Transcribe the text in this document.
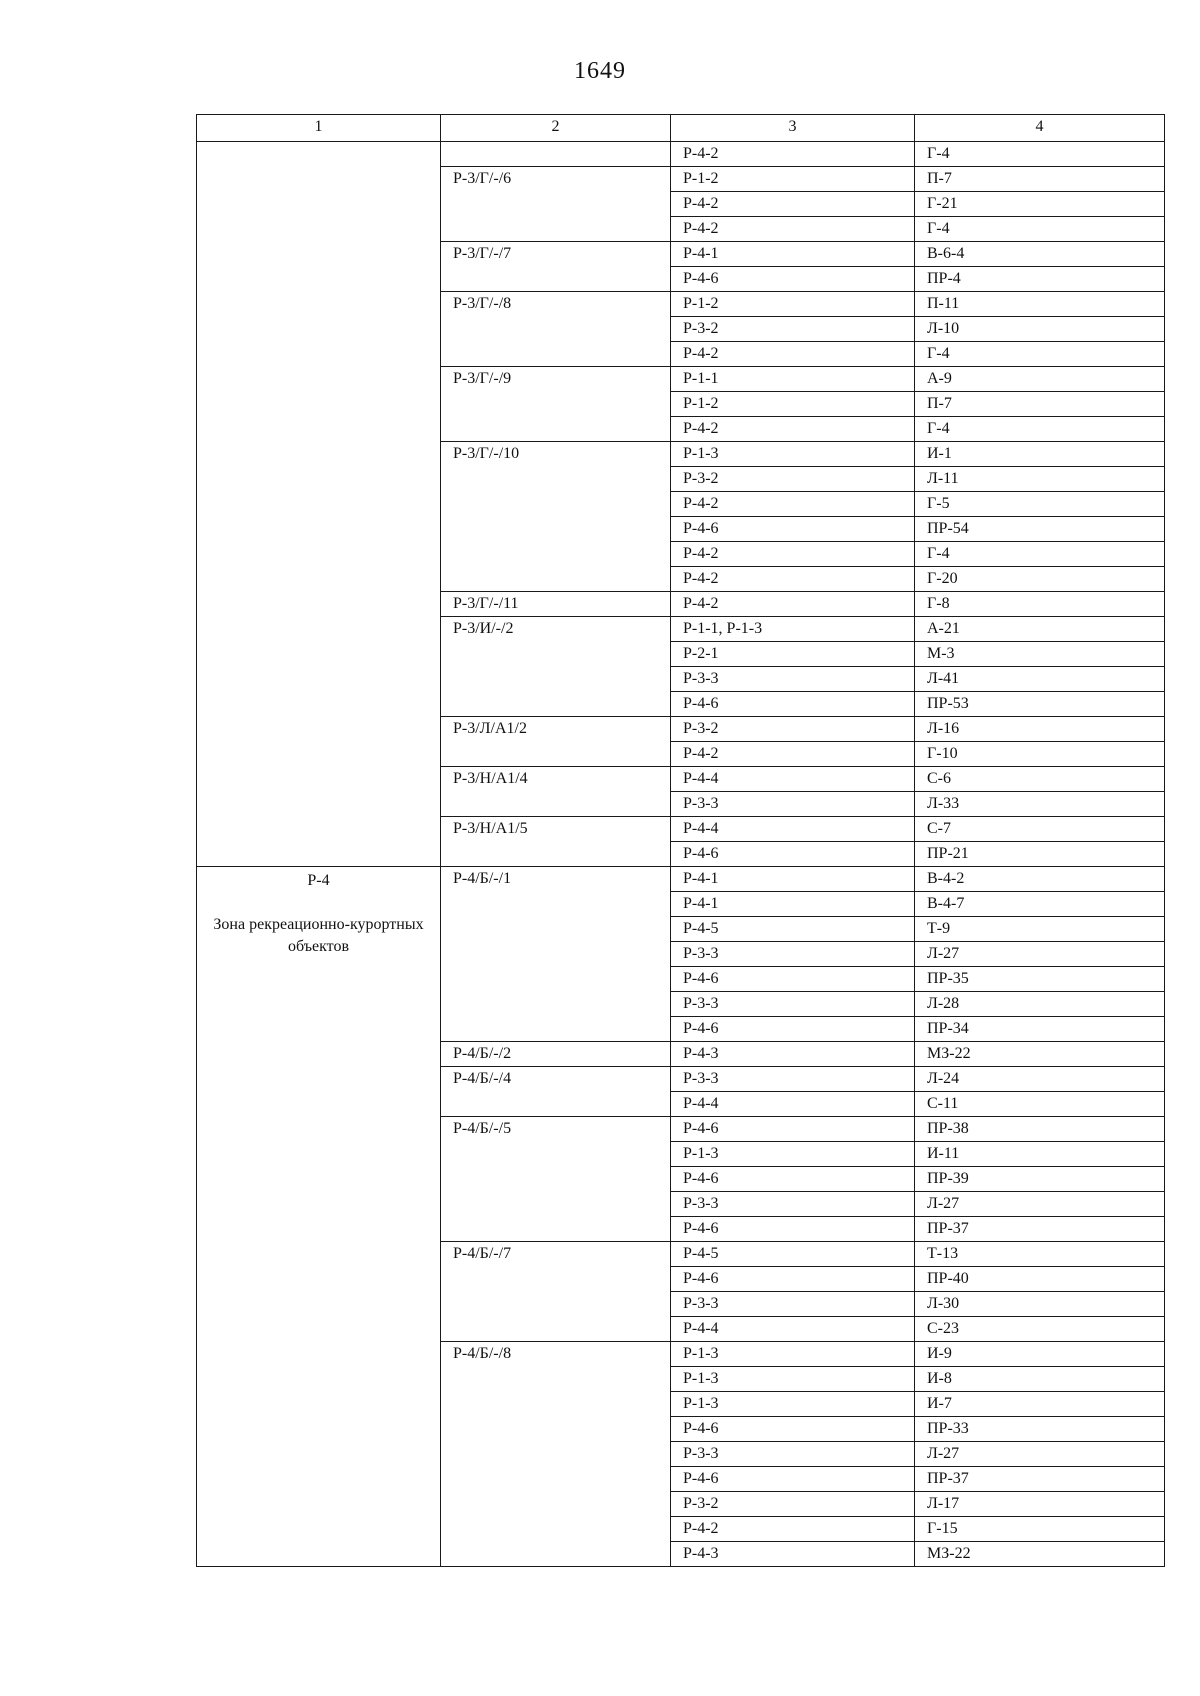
1649
1	2	3	4

		Р-4-2	Г-4
	Р-3/Г/-/6	Р-1-2	П-7
		Р-4-2	Г-21
		Р-4-2	Г-4
	Р-3/Г/-/7	Р-4-1	В-6-4
		Р-4-6	ПР-4
	Р-3/Г/-/8	Р-1-2	П-11
		Р-3-2	Л-10
		Р-4-2	Г-4
	Р-3/Г/-/9	Р-1-1	А-9
		Р-1-2	П-7
		Р-4-2	Г-4
	Р-3/Г/-/10	Р-1-3	И-1
		Р-3-2	Л-11
		Р-4-2	Г-5
		Р-4-6	ПР-54
		Р-4-2	Г-4
		Р-4-2	Г-20
	Р-3/Г/-/11	Р-4-2	Г-8
	Р-3/И/-/2	Р-1-1, Р-1-3	А-21
		Р-2-1	М-3
		Р-3-3	Л-41
		Р-4-6	ПР-53
	Р-3/Л/А1/2	Р-3-2	Л-16
		Р-4-2	Г-10
	Р-3/Н/А1/4	Р-4-4	С-6
		Р-3-3	Л-33
	Р-3/Н/А1/5	Р-4-4	С-7
		Р-4-6	ПР-21

Р-4
Зона рекреационно-курортных объектов	Р-4/Б/-/1	Р-4-1	В-4-2
		Р-4-1	В-4-7
		Р-4-5	Т-9
		Р-3-3	Л-27
		Р-4-6	ПР-35
		Р-3-3	Л-28
		Р-4-6	ПР-34
	Р-4/Б/-/2	Р-4-3	МЗ-22
	Р-4/Б/-/4	Р-3-3	Л-24
		Р-4-4	С-11
	Р-4/Б/-/5	Р-4-6	ПР-38
		Р-1-3	И-11
		Р-4-6	ПР-39
		Р-3-3	Л-27
		Р-4-6	ПР-37
	Р-4/Б/-/7	Р-4-5	Т-13
		Р-4-6	ПР-40
		Р-3-3	Л-30
		Р-4-4	С-23
	Р-4/Б/-/8	Р-1-3	И-9
		Р-1-3	И-8
		Р-1-3	И-7
		Р-4-6	ПР-33
		Р-3-3	Л-27
		Р-4-6	ПР-37
		Р-3-2	Л-17
		Р-4-2	Г-15
		Р-4-3	МЗ-22
